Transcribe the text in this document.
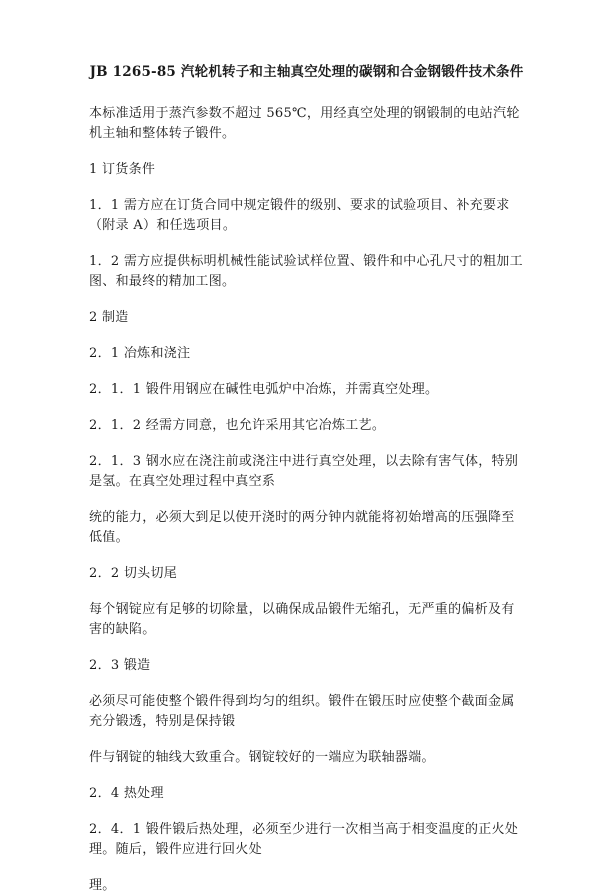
JB 1265-85 汽轮机转子和主轴真空处理的碳钢和合金钢锻件技术条件

本标准适用于蒸汽参数不超过 565℃，用经真空处理的钢锻制的电站汽轮机主轴和整体转子锻件。

1 订货条件

1．1 需方应在订货合同中规定锻件的级别、要求的试验项目、补充要求（附录 A）和任选项目。

1．2 需方应提供标明机械性能试验试样位置、锻件和中心孔尺寸的粗加工图、和最终的精加工图。

2 制造

2．1 冶炼和浇注

2．1．1 锻件用钢应在碱性电弧炉中冶炼，并需真空处理。

2．1．2 经需方同意，也允许采用其它冶炼工艺。

2．1．3 钢水应在浇注前或浇注中进行真空处理，以去除有害气体，特别是氢。在真空处理过程中真空系

统的能力，必须大到足以使开浇时的两分钟内就能将初始增高的压强降至低值。

2．2 切头切尾

每个钢锭应有足够的切除量，以确保成品锻件无缩孔，无严重的偏析及有害的缺陷。

2．3 锻造

必须尽可能使整个锻件得到均匀的组织。锻件在锻压时应使整个截面金属充分锻透，特别是保持锻

件与钢锭的轴线大致重合。钢锭较好的一端应为联轴器端。

2．4 热处理

2．4．1 锻件锻后热处理，必须至少进行一次相当高于相变温度的正火处理。随后，锻件应进行回火处

理。
